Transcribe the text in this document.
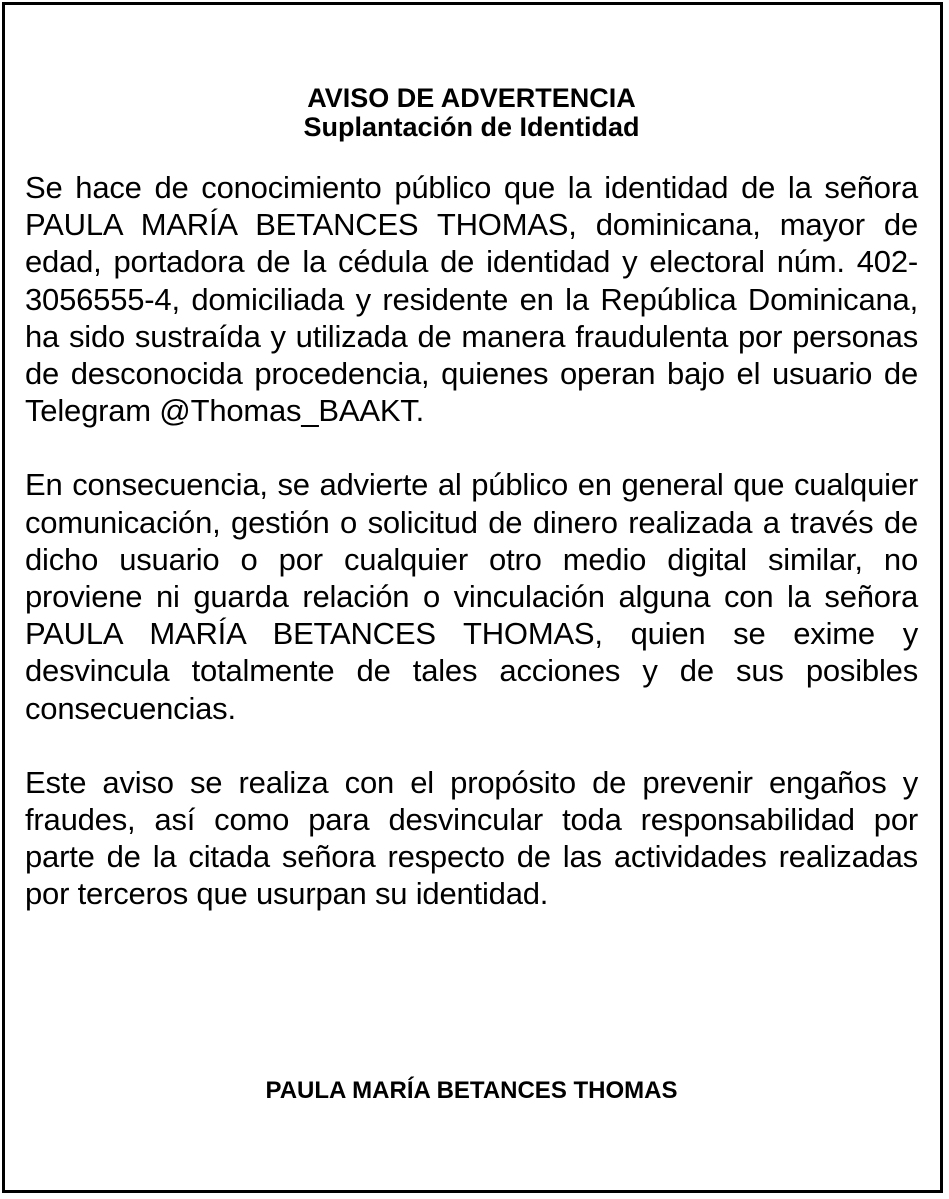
AVISO DE ADVERTENCIA

Suplantación de Identidad

Se hace de conocimiento público que la identidad de la señora PAULA MARÍA BETANCES THOMAS, dominicana, mayor de edad, portadora de la cédula de identidad y electoral núm. 402-3056555-4, domiciliada y residente en la República Dominicana, ha sido sustraída y utilizada de manera fraudulenta por personas de desconocida procedencia, quienes operan bajo el usuario de Telegram @Thomas_BAAKT.

En consecuencia, se advierte al público en general que cualquier comunicación, gestión o solicitud de dinero realizada a través de dicho usuario o por cualquier otro medio digital similar, no proviene ni guarda relación o vinculación alguna con la señora PAULA MARÍA BETANCES THOMAS, quien se exime y desvincula totalmente de tales acciones y de sus posibles consecuencias.

Este aviso se realiza con el propósito de prevenir engaños y fraudes, así como para desvincular toda responsabilidad por parte de la citada señora respecto de las actividades realizadas por terceros que usurpan su identidad.

PAULA MARÍA BETANCES THOMAS
